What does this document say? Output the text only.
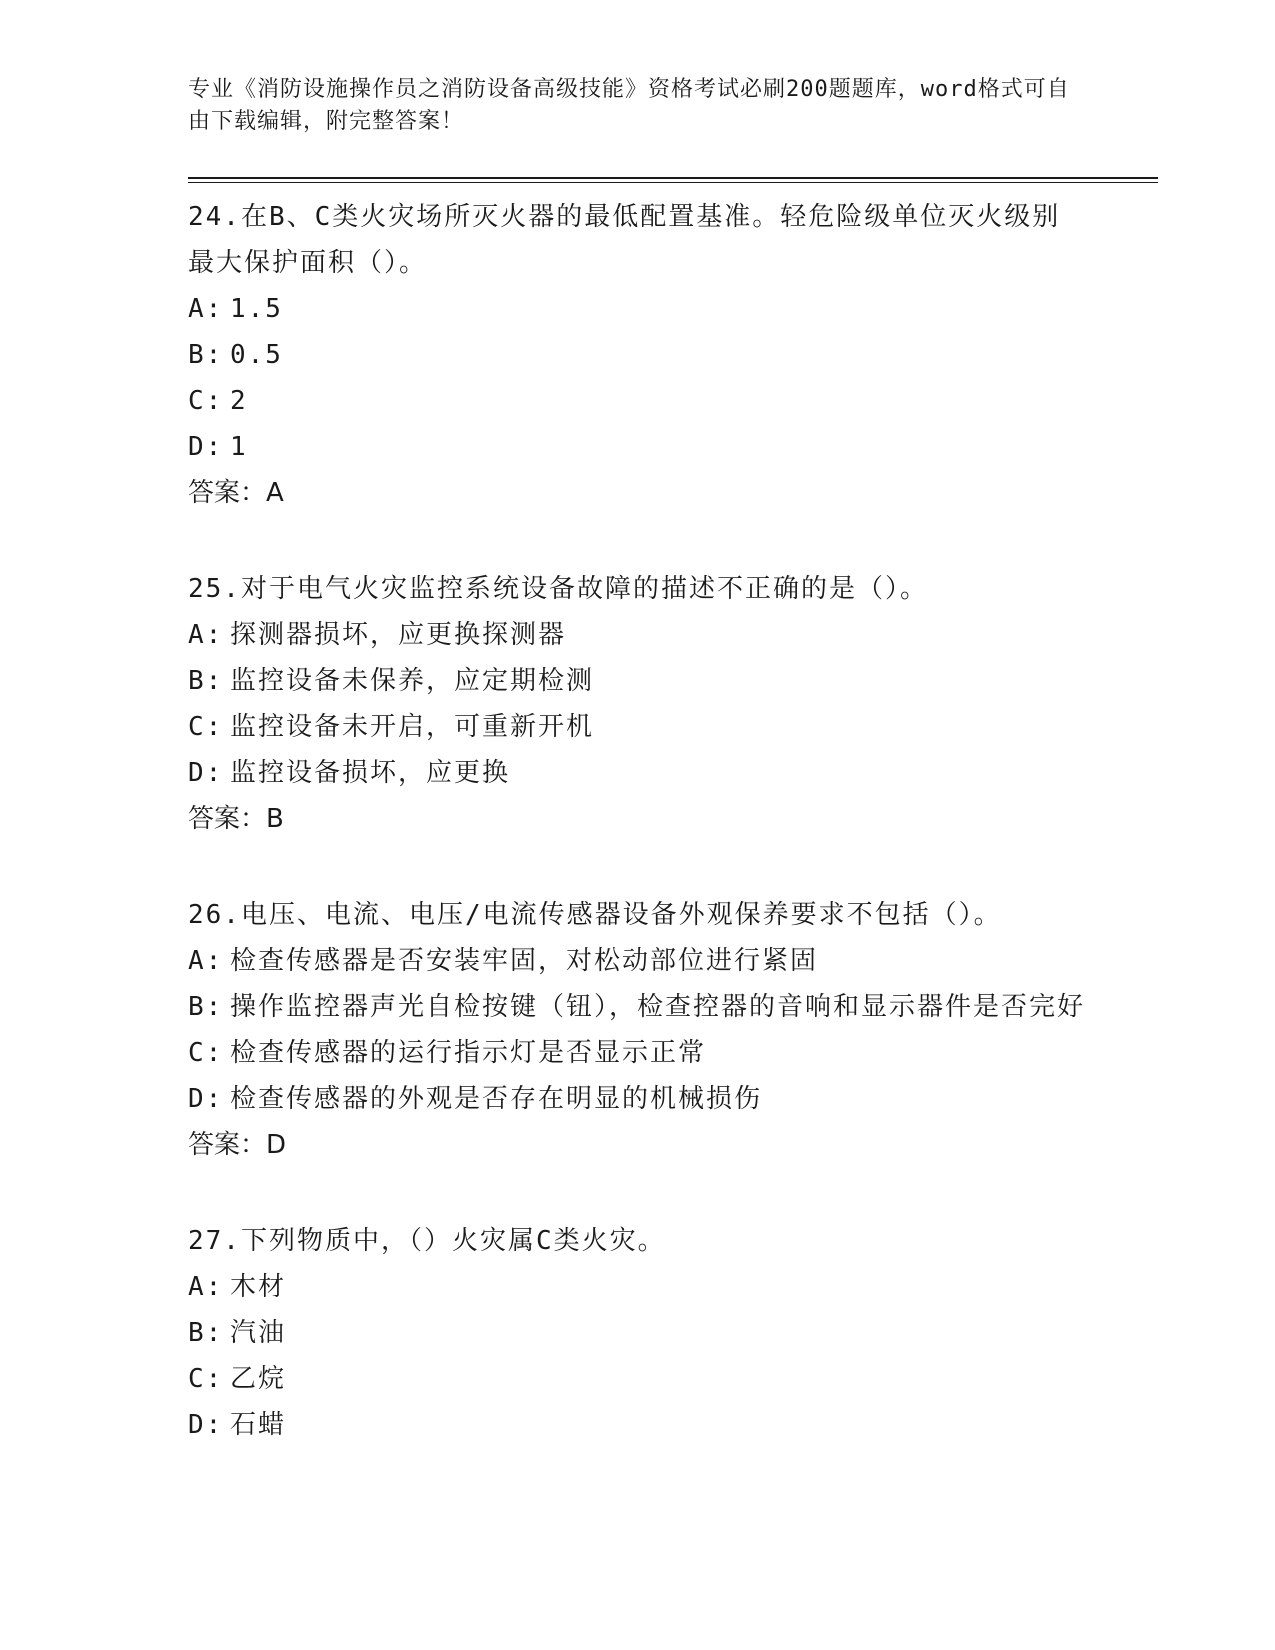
专业《消防设施操作员之消防设备高级技能》资格考试必刷200题题库，word格式可自由下载编辑，附完整答案！
24.在B、C类火灾场所灭火器的最低配置基准。轻危险级单位灭火级别最大保护面积（）。
A: 1.5
B: 0.5
C: 2
D: 1
答案：A
25.对于电气火灾监控系统设备故障的描述不正确的是（）。
A: 探测器损坏，应更换探测器
B: 监控设备未保养，应定期检测
C: 监控设备未开启，可重新开机
D: 监控设备损坏，应更换
答案：B
26.电压、电流、电压/电流传感器设备外观保养要求不包括（）。
A: 检查传感器是否安装牢固，对松动部位进行紧固
B: 操作监控器声光自检按键（钮），检查控器的音响和显示器件是否完好
C: 检查传感器的运行指示灯是否显示正常
D: 检查传感器的外观是否存在明显的机械损伤
答案：D
27.下列物质中，（）火灾属C类火灾。
A: 木材
B: 汽油
C: 乙烷
D: 石蜡
